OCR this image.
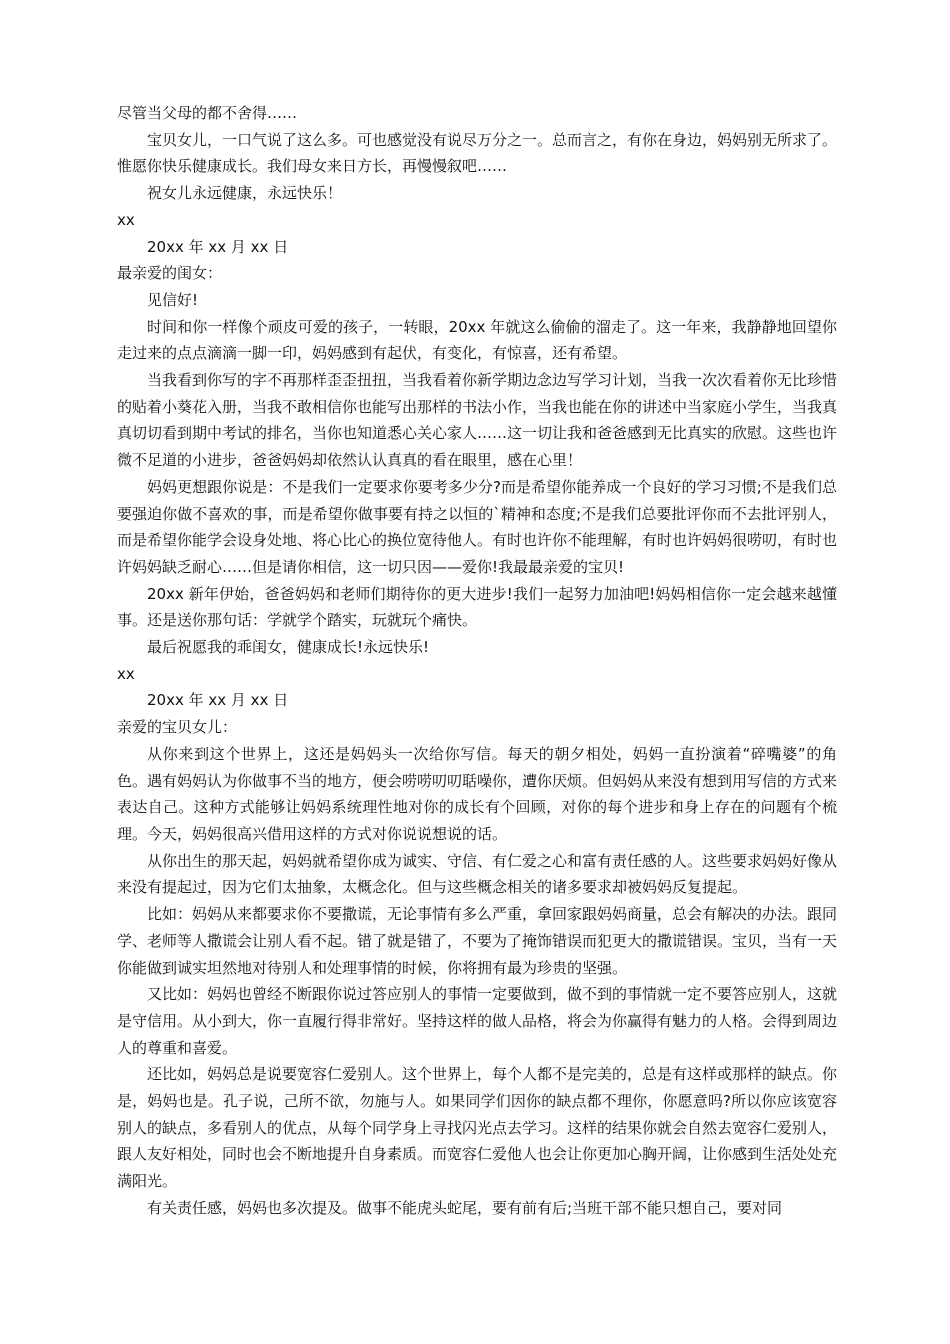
尽管当父母的都不舍得……

宝贝女儿，一口气说了这么多。可也感觉没有说尽万分之一。总而言之，有你在身边，妈妈别无所求了。惟愿你快乐健康成长。我们母女来日方长，再慢慢叙吧……

祝女儿永远健康，永远快乐！

xx

20xx 年 xx 月 xx 日

最亲爱的闺女：

见信好!

时间和你一样像个顽皮可爱的孩子，一转眼，20xx 年就这么偷偷的溜走了。这一年来，我静静地回望你走过来的点点滴滴一脚一印，妈妈感到有起伏，有变化，有惊喜，还有希望。

当我看到你写的字不再那样歪歪扭扭，当我看着你新学期边念边写学习计划，当我一次次看着你无比珍惜的贴着小葵花入册，当我不敢相信你也能写出那样的书法小作，当我也能在你的讲述中当家庭小学生，当我真真切切看到期中考试的排名，当你也知道悉心关心家人……这一切让我和爸爸感到无比真实的欣慰。这些也许微不足道的小进步，爸爸妈妈却依然认认真真的看在眼里，感在心里！

妈妈更想跟你说是：不是我们一定要求你要考多少分?而是希望你能养成一个良好的学习习惯;不是我们总要强迫你做不喜欢的事，而是希望你做事要有持之以恒的`精神和态度;不是我们总要批评你而不去批评别人，而是希望你能学会设身处地、将心比心的换位宽待他人。有时也许你不能理解，有时也许妈妈很唠叨，有时也许妈妈缺乏耐心……但是请你相信，这一切只因——爱你!我最最亲爱的宝贝!

20xx 新年伊始，爸爸妈妈和老师们期待你的更大进步!我们一起努力加油吧!妈妈相信你一定会越来越懂事。还是送你那句话：学就学个踏实，玩就玩个痛快。

最后祝愿我的乖闺女，健康成长!永远快乐!

xx

20xx 年 xx 月 xx 日

亲爱的宝贝女儿：

从你来到这个世界上，这还是妈妈头一次给你写信。每天的朝夕相处，妈妈一直扮演着“碎嘴婆”的角色。遇有妈妈认为你做事不当的地方，便会唠唠叨叨聒噪你，遭你厌烦。但妈妈从来没有想到用写信的方式来表达自己。这种方式能够让妈妈系统理性地对你的成长有个回顾，对你的每个进步和身上存在的问题有个梳理。今天，妈妈很高兴借用这样的方式对你说说想说的话。

从你出生的那天起，妈妈就希望你成为诚实、守信、有仁爱之心和富有责任感的人。这些要求妈妈好像从来没有提起过，因为它们太抽象，太概念化。但与这些概念相关的诸多要求却被妈妈反复提起。

比如：妈妈从来都要求你不要撒谎，无论事情有多么严重，拿回家跟妈妈商量，总会有解决的办法。跟同学、老师等人撒谎会让别人看不起。错了就是错了，不要为了掩饰错误而犯更大的撒谎错误。宝贝，当有一天你能做到诚实坦然地对待别人和处理事情的时候，你将拥有最为珍贵的坚强。

又比如：妈妈也曾经不断跟你说过答应别人的事情一定要做到，做不到的事情就一定不要答应别人，这就是守信用。从小到大，你一直履行得非常好。坚持这样的做人品格，将会为你赢得有魅力的人格。会得到周边人的尊重和喜爱。

还比如，妈妈总是说要宽容仁爱别人。这个世界上，每个人都不是完美的，总是有这样或那样的缺点。你是，妈妈也是。孔子说，己所不欲，勿施与人。如果同学们因你的缺点都不理你，你愿意吗?所以你应该宽容别人的缺点，多看别人的优点，从每个同学身上寻找闪光点去学习。这样的结果你就会自然去宽容仁爱别人，跟人友好相处，同时也会不断地提升自身素质。而宽容仁爱他人也会让你更加心胸开阔，让你感到生活处处充满阳光。

有关责任感，妈妈也多次提及。做事不能虎头蛇尾，要有前有后;当班干部不能只想自己，要对同
